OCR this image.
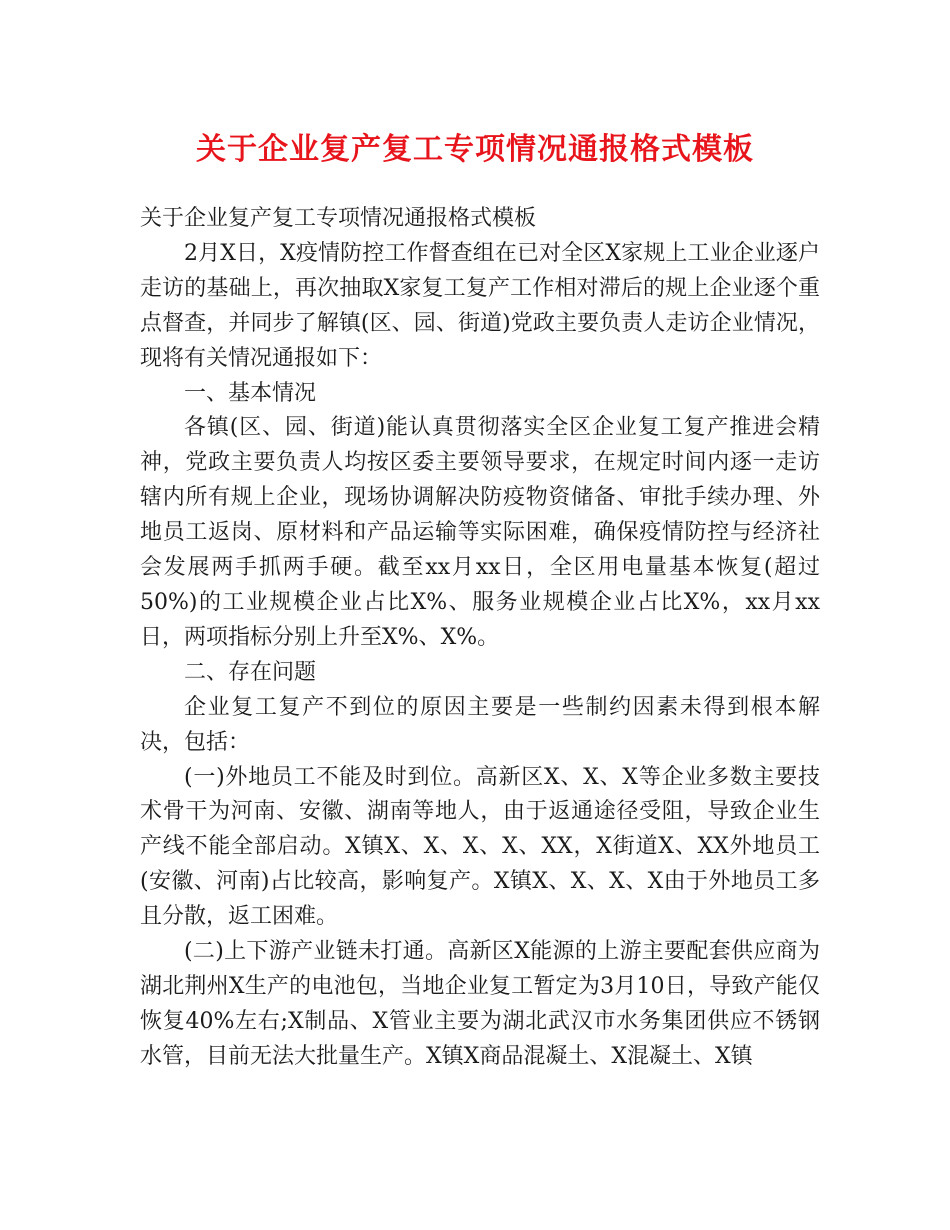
关于企业复产复工专项情况通报格式模板

关于企业复产复工专项情况通报格式模板

2月X日，X疫情防控工作督查组在已对全区X家规上工业企业逐户走访的基础上，再次抽取X家复工复产工作相对滞后的规上企业逐个重点督查，并同步了解镇(区、园、街道)党政主要负责人走访企业情况，现将有关情况通报如下：

一、基本情况

各镇(区、园、街道)能认真贯彻落实全区企业复工复产推进会精神，党政主要负责人均按区委主要领导要求，在规定时间内逐一走访辖内所有规上企业，现场协调解决防疫物资储备、审批手续办理、外地员工返岗、原材料和产品运输等实际困难，确保疫情防控与经济社会发展两手抓两手硬。截至xx月xx日，全区用电量基本恢复(超过50%)的工业规模企业占比X%、服务业规模企业占比X%，xx月xx日，两项指标分别上升至X%、X%。

二、存在问题

企业复工复产不到位的原因主要是一些制约因素未得到根本解决，包括：

(一)外地员工不能及时到位。高新区X、X、X等企业多数主要技术骨干为河南、安徽、湖南等地人，由于返通途径受阻，导致企业生产线不能全部启动。X镇X、X、X、X、XX，X街道X、XX外地员工(安徽、河南)占比较高，影响复产。X镇X、X、X、X由于外地员工多且分散，返工困难。

(二)上下游产业链未打通。高新区X能源的上游主要配套供应商为湖北荆州X生产的电池包，当地企业复工暂定为3月10日，导致产能仅恢复40%左右;X制品、X管业主要为湖北武汉市水务集团供应不锈钢水管，目前无法大批量生产。X镇X商品混凝土、X混凝土、X镇
